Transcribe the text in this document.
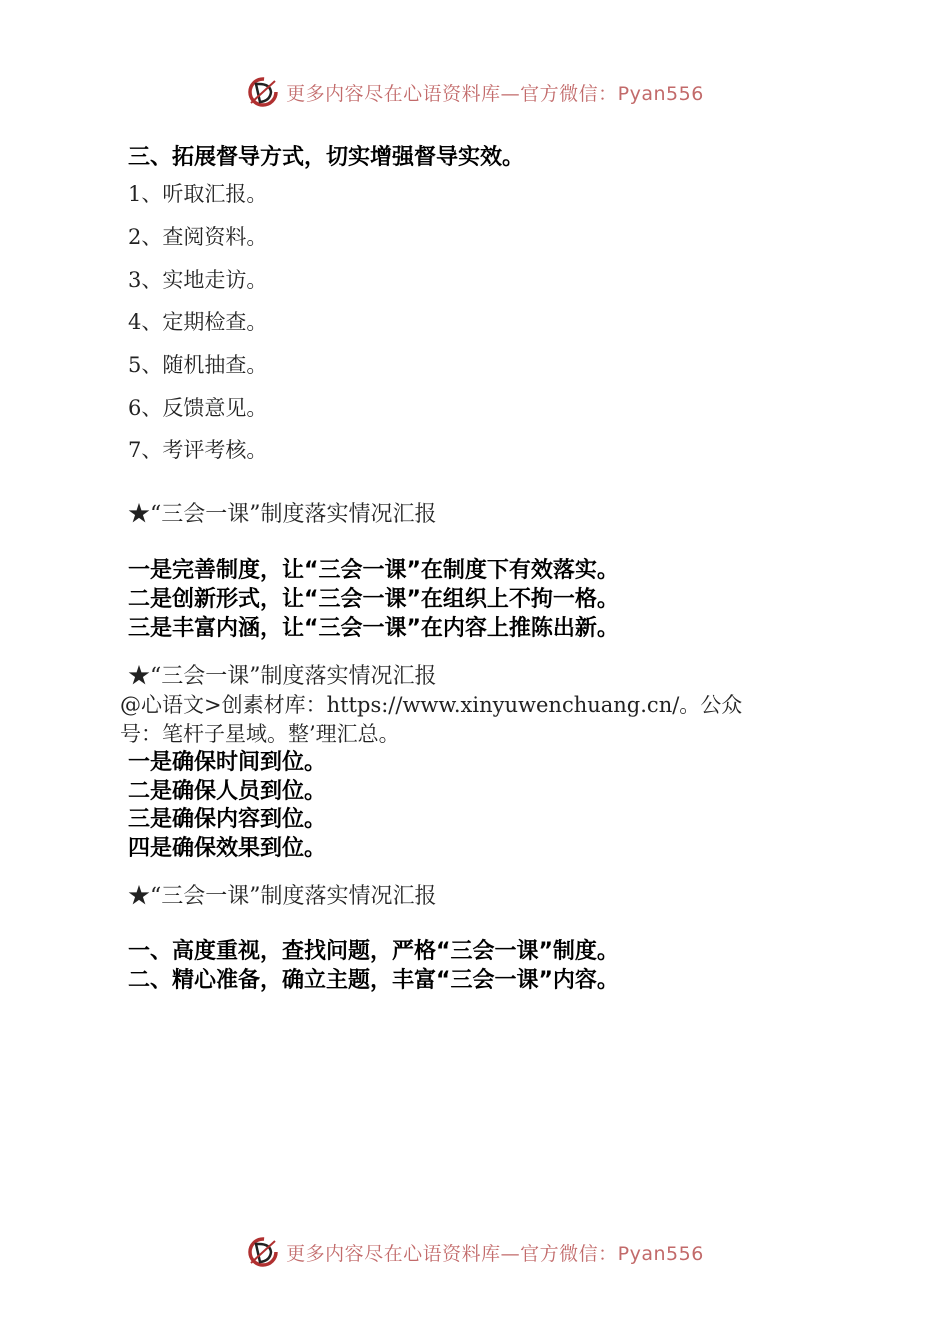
更多内容尽在心语资料库—官方微信：Pyan556
三、拓展督导方式，切实增强督导实效。
1、听取汇报。
2、查阅资料。
3、实地走访。
4、定期检查。
5、随机抽查。
6、反馈意见。
7、考评考核。
★“三会一课”制度落实情况汇报
一是完善制度，让“三会一课”在制度下有效落实。
二是创新形式，让“三会一课”在组织上不拘一格。
三是丰富内涵，让“三会一课”在内容上推陈出新。
★“三会一课”制度落实情况汇报
@心语文>创素材库：https://www.xinyuwenchuang.cn/。公众
号：笔杆子星域。整’理汇总。
一是确保时间到位。
二是确保人员到位。
三是确保内容到位。
四是确保效果到位。
★“三会一课”制度落实情况汇报
一、高度重视，查找问题，严格“三会一课”制度。
二、精心准备，确立主题，丰富“三会一课”内容。
更多内容尽在心语资料库—官方微信：Pyan556
